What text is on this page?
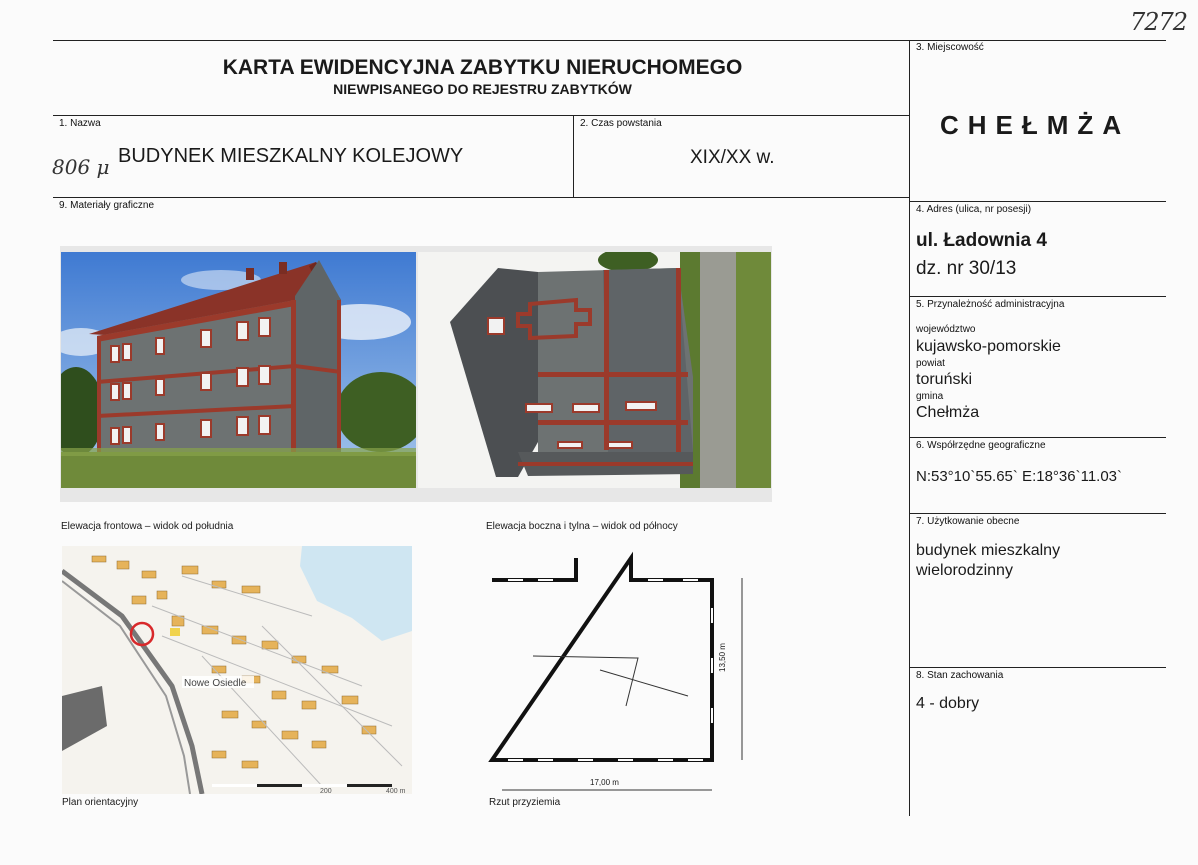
7272
806 μ
KARTA EWIDENCYJNA ZABYTKU NIERUCHOMEGO
NIEWPISANEGO DO REJESTRU ZABYTKÓW
1. Nazwa
BUDYNEK MIESZKALNY KOLEJOWY
2. Czas powstania
XIX/XX w.
3. Miejscowość
CHEŁMŻA
9. Materiały graficzne	4. Adres (ulica, nr posesji)
ul. Ładownia 4
dz. nr 30/13
5. Przynależność administracyjna
województwo
kujawsko-pomorskie
powiat
toruński
gmina
Chełmża
6. Współrzędne geograficzne
N:53°10`55.65` E:18°36`11.03`
7. Użytkowanie obecne
budynek mieszkalny
wielorodzinny
8. Stan zachowania
4 - dobry
Elewacja frontowa – widok od południa	Elewacja boczna i tylna – widok od północy
Nowe Osiedle
200	400 m
13,50 m
17,00 m
Plan orientacyjny	Rzut przyziemia
